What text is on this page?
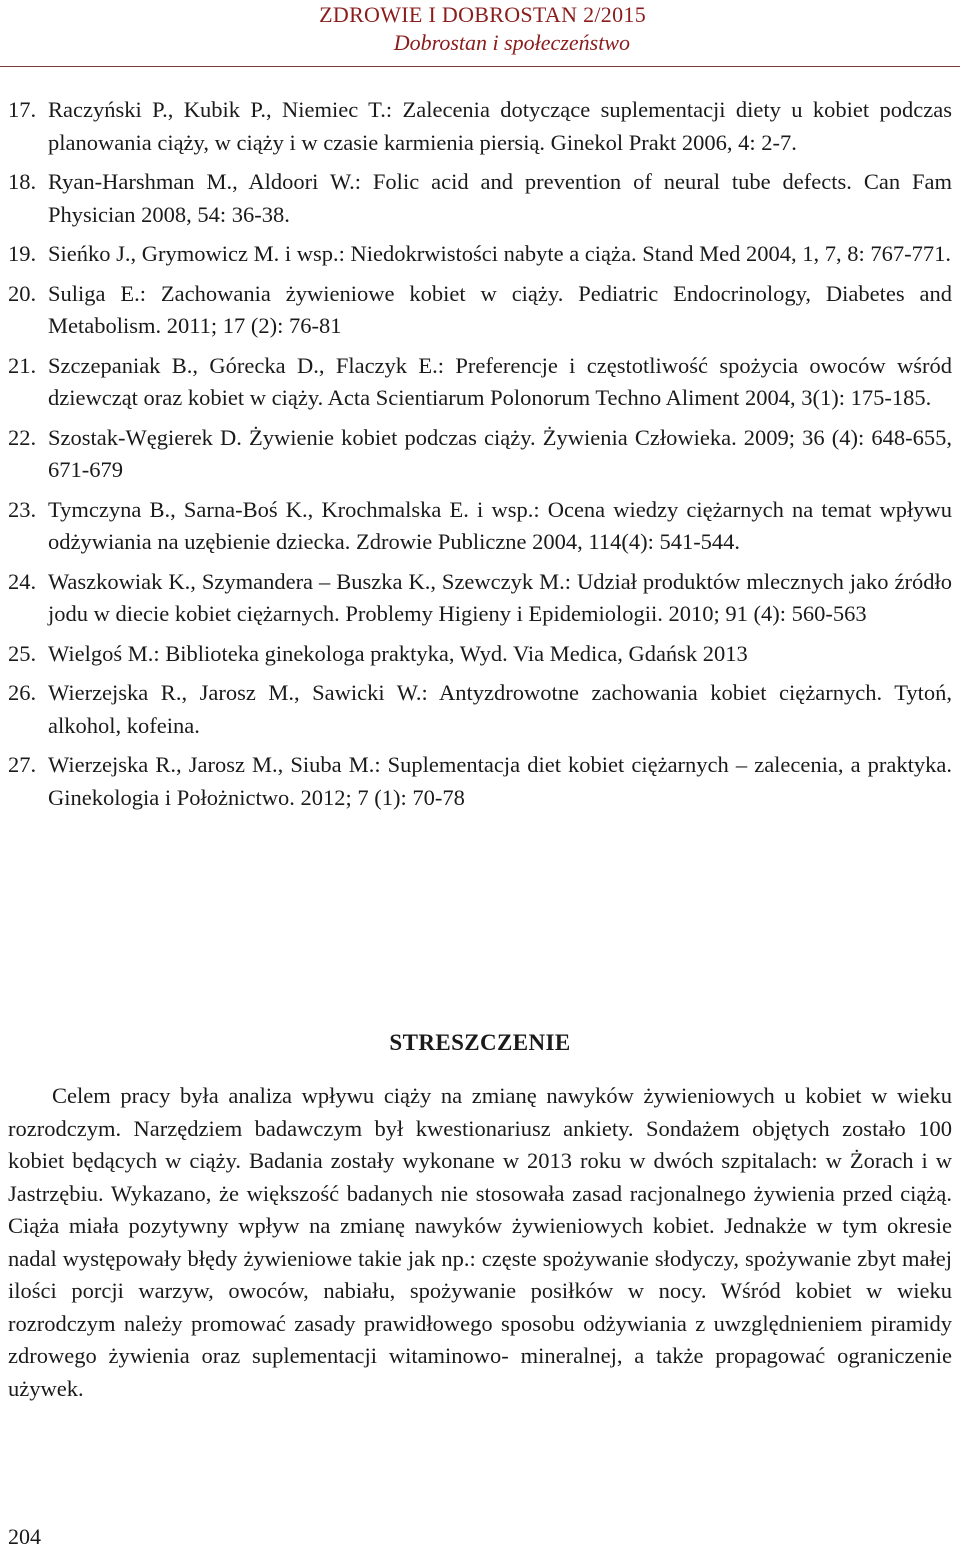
ZDROWIE I DOBROSTAN 2/2015
Dobrostan i społeczeństwo
17. Raczyński P., Kubik P., Niemiec T.: Zalecenia dotyczące suplementacji diety u kobiet podczas planowania ciąży, w ciąży i w czasie karmienia piersią. Ginekol Prakt 2006, 4: 2-7.
18. Ryan-Harshman M., Aldoori W.: Folic acid and prevention of neural tube defects. Can Fam Physician 2008, 54: 36-38.
19. Sieńko J., Grymowicz M. i wsp.: Niedokrwistości nabyte a ciąża. Stand Med 2004, 1, 7, 8: 767-771.
20. Suliga E.: Zachowania żywieniowe kobiet w ciąży. Pediatric Endocrinology, Diabetes and Metabolism. 2011; 17 (2): 76-81
21. Szczepaniak B., Górecka D., Flaczyk E.: Preferencje i częstotliwość spożycia owoców wśród dziewcząt oraz kobiet w ciąży. Acta Scientiarum Polonorum Techno Aliment 2004, 3(1): 175-185.
22. Szostak-Węgierek D. Żywienie kobiet podczas ciąży. Żywienia Człowieka. 2009; 36 (4): 648-655, 671-679
23. Tymczyna B., Sarna-Boś K., Krochmalska E. i wsp.: Ocena wiedzy ciężarnych na temat wpływu odżywiania na uzębienie dziecka. Zdrowie Publiczne 2004, 114(4): 541-544.
24. Waszkowiak K., Szymandera – Buszka K., Szewczyk M.: Udział produktów mlecznych jako źródło jodu w diecie kobiet ciężarnych. Problemy Higieny i Epidemiologii. 2010; 91 (4): 560-563
25. Wielgoś M.: Biblioteka ginekologa praktyka, Wyd. Via Medica, Gdańsk 2013
26. Wierzejska R., Jarosz M., Sawicki W.: Antyzdrowotne zachowania kobiet ciężarnych. Tytoń, alkohol, kofeina.
27. Wierzejska R., Jarosz M., Siuba M.: Suplementacja diet kobiet ciężarnych – zalecenia, a praktyka. Ginekologia i Położnictwo. 2012; 7 (1): 70-78
STRESZCZENIE

Celem pracy była analiza wpływu ciąży na zmianę nawyków żywieniowych u kobiet w wieku rozrodczym. Narzędziem badawczym był kwestionariusz ankiety. Sondażem objętych zostało 100 kobiet będących w ciąży. Badania zostały wykonane w 2013 roku w dwóch szpitalach: w Żorach i w Jastrzębiu. Wykazano, że większość badanych nie stosowała zasad racjonalnego żywienia przed ciążą. Ciąża miała pozytywny wpływ na zmianę nawyków żywieniowych kobiet. Jednakże w tym okresie nadal występowały błędy żywieniowe takie jak np.: częste spożywanie słodyczy, spożywanie zbyt małej ilości porcji warzyw, owoców, nabiału, spożywanie posiłków w nocy. Wśród kobiet w wieku rozrodczym należy promować zasady prawidłowego sposobu odżywiania z uwzględnieniem piramidy zdrowego żywienia oraz suplementacji witaminowo- mineralnej, a także propagować ograniczenie używek.

204
